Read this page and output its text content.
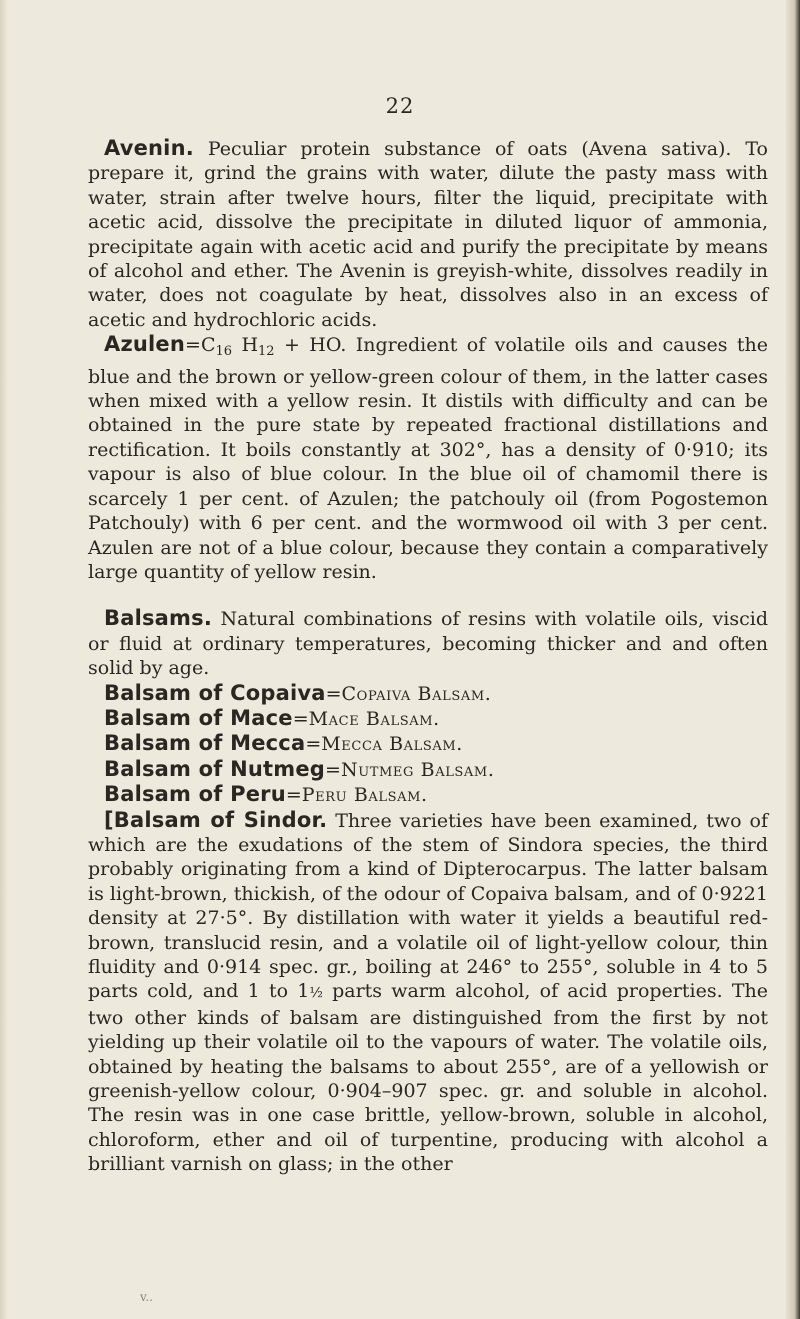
22

Avenin. Peculiar protein substance of oats (Avena sativa). To prepare it, grind the grains with water, dilute the pasty mass with water, strain after twelve hours, filter the liquid, precipitate with acetic acid, dissolve the precipitate in diluted liquor of ammonia, precipitate again with acetic acid and purify the precipitate by means of alcohol and ether. The Avenin is greyish-white, dissolves readily in water, does not coagulate by heat, dissolves also in an excess of acetic and hydrochloric acids.

$Azulen=C_{16}$ $H_{12}$ + HO. Ingredient of volatile oils and causes the blue and the brown or yellow-green colour of them, in the latter cases when mixed with a yellow resin. It distils with difficulty and can be obtained in the pure state by repeated fractional distillations and rectification. It boils constantly at 302°, has a density of 0·910; its vapour is also of blue colour. In the blue oil of chamomil there is scarcely 1 per cent. of Azulen; the patchouly oil (from Pogostemon Patchouly) with 6 per cent. and the wormwood oil with 3 per cent. Azulen are not of a blue colour, because they contain a comparatively large quantity of yellow resin.

Balsams. Natural combinations of resins with volatile oils, viscid or fluid at ordinary temperatures, becoming thicker and and often solid by age.

Balsam of Copaiva=Copaiva Balsam.

Balsam of Mace=Mace Balsam.

Balsam of Mecca=Mecca Balsam.

Balsam of Nutmeg=Nutmeg Balsam.

Balsam of Peru=Peru Balsam.

[Balsam of Sindor. Three varieties have been examined, two of which are the exudations of the stem of Sindora species, the third probably originating from a kind of Dipterocarpus. The latter balsam is light-brown, thickish, of the odour of Copaiva balsam, and of 0·9221 density at 27·5°. By distillation with water it yields a beautiful red-brown, translucid resin, and a volatile oil of light-yellow colour, thin fluidity and 0·914 spec. gr., boiling at 246° to 255°, soluble in 4 to 5 parts cold, and 1 to 1½ parts warm alcohol, of acid properties. The two other kinds of balsam are distinguished from the first by not yielding up their volatile oil to the vapours of water. The volatile oils, obtained by heating the balsams to about 255°, are of a yellowish or greenish-yellow colour, 0·904–907 spec. gr. and soluble in alcohol. The resin was in one case brittle, yellow-brown, soluble in alcohol, chloroform, ether and oil of turpentine, producing with alcohol a brilliant varnish on glass; in the other

v..
